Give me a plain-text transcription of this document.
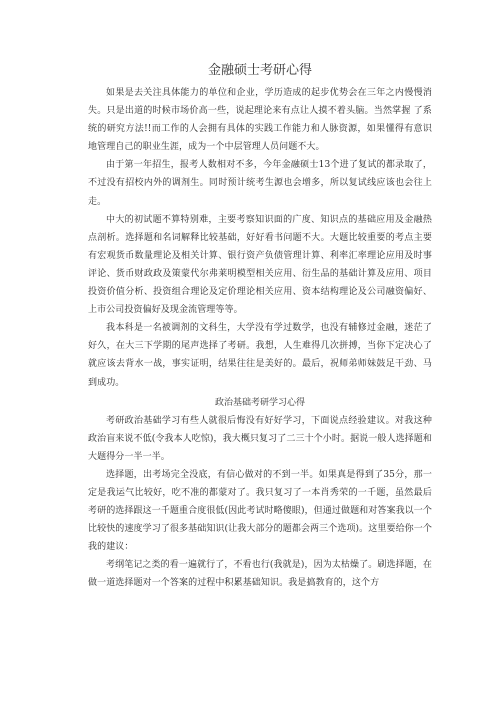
金融硕士考研心得

如果是去关注具体能力的单位和企业，学历造成的起步优势会在三年之内慢慢消失。只是出道的时候市场价高一些，说起理论来有点让人摸不着头脑。当然掌握 了系统的研究方法!!而工作的人会拥有具体的实践工作能力和人脉资源，如果懂得有意识地管理自己的职业生涯，成为一个中层管理人员问题不大。

由于第一年招生，报考人数相对不多，今年金融硕士13个进了复试的都录取了，不过没有招校内外的调剂生。同时预计统考生源也会增多，所以复试线应该也会往上走。

中大的初试题不算特别难，主要考察知识面的广度、知识点的基础应用及金融热点剖析。选择题和名词解释比较基础，好好看书问题不大。大题比较重要的考点主要有宏观货币数量理论及相关计算、银行资产负债管理计算、利率汇率理论应用及时事评论、货币财政政及策蒙代尔弗莱明模型相关应用、衍生品的基础计算及应用、项目投资价值分析、投资组合理论及定价理论相关应用、资本结构理论及公司融资偏好、上市公司投资偏好及现金流管理等等。

我本科是一名被调剂的文科生，大学没有学过数学，也没有辅修过金融，迷茫了好久，在大三下学期的尾声选择了考研。我想，人生难得几次拼搏，当你下定决心了就应该去背水一战，事实证明，结果往往是美好的。最后，祝师弟师妹鼓足干劲、马到成功。

政治基础考研学习心得

考研政治基础学习有些人就很后悔没有好好学习，下面说点经验建议。对我这种政治盲来说不低(令我本人吃惊)，我大概只复习了二三十个小时。据说一般人选择题和大题得分一半一半。

选择题，出考场完全没底，有信心做对的不到一半。如果真是得到了35分，那一定是我运气比较好，吃不准的都蒙对了。我只复习了一本肖秀荣的一千题，虽然最后考研的选择跟这一千题重合度很低(因此考试时略傻眼)，但通过做题和对答案我以一个比较快的速度学习了很多基础知识(让我大部分的题都会两三个选项)。这里要给你一个我的建议：

考纲笔记之类的看一遍就行了，不看也行(我就是)，因为太枯燥了。刷选择题，在做一道选择题对一个答案的过程中积累基础知识。我是搞教育的，这个方
